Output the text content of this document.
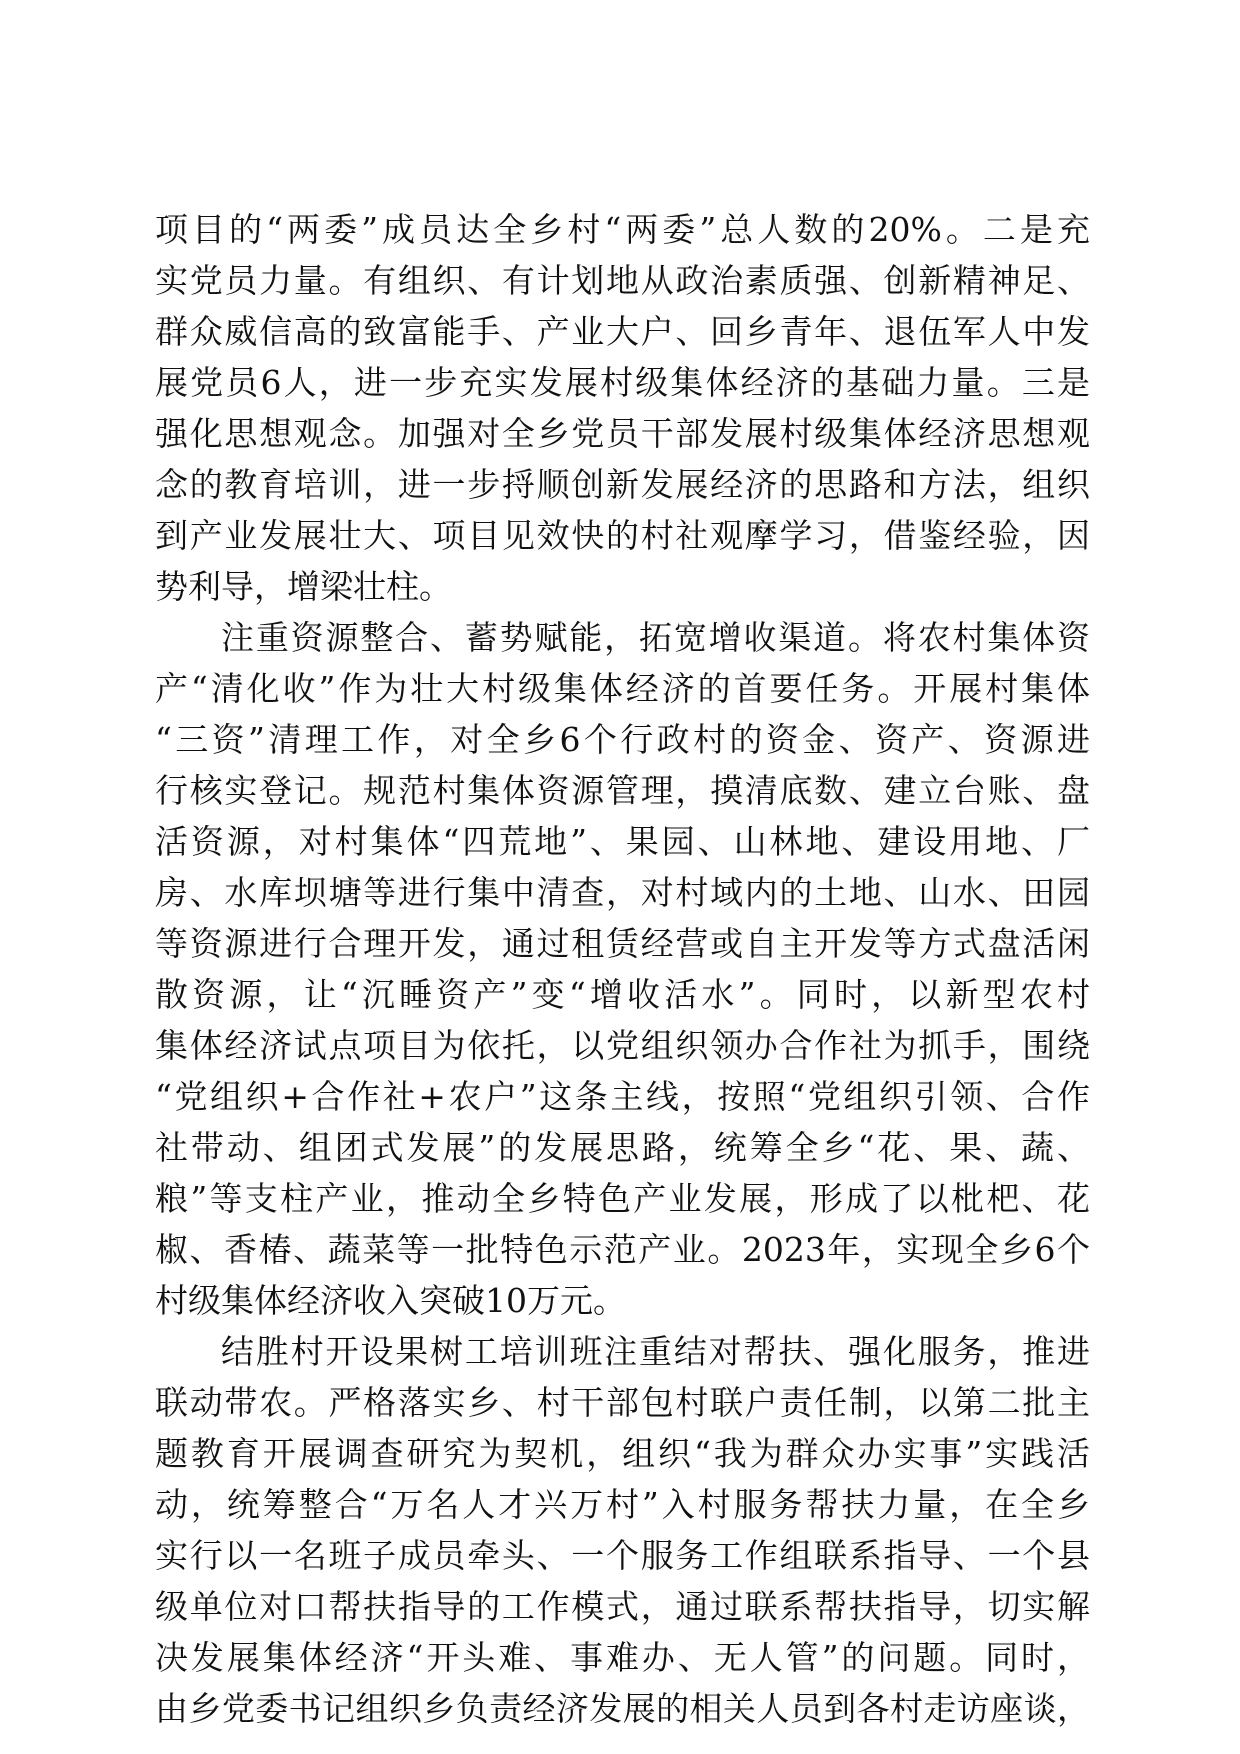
项目的“两委”成员达全乡村“两委”总人数的20%。二是充
实党员力量。有组织、有计划地从政治素质强、创新精神足、
群众威信高的致富能手、产业大户、回乡青年、退伍军人中发
展党员6人，进一步充实发展村级集体经济的基础力量。三是
强化思想观念。加强对全乡党员干部发展村级集体经济思想观
念的教育培训，进一步捋顺创新发展经济的思路和方法，组织
到产业发展壮大、项目见效快的村社观摩学习，借鉴经验，因
势利导，增梁壮柱。
注重资源整合、蓄势赋能，拓宽增收渠道。将农村集体资
产“清化收”作为壮大村级集体经济的首要任务。开展村集体
“三资”清理工作，对全乡6个行政村的资金、资产、资源进
行核实登记。规范村集体资源管理，摸清底数、建立台账、盘
活资源，对村集体“四荒地”、果园、山林地、建设用地、厂
房、水库坝塘等进行集中清查，对村域内的土地、山水、田园
等资源进行合理开发，通过租赁经营或自主开发等方式盘活闲
散资源，让“沉睡资产”变“增收活水”。同时，以新型农村
集体经济试点项目为依托，以党组织领办合作社为抓手，围绕
“党组织+合作社+农户”这条主线，按照“党组织引领、合作
社带动、组团式发展”的发展思路，统筹全乡“花、果、蔬、
粮”等支柱产业，推动全乡特色产业发展，形成了以枇杷、花
椒、香椿、蔬菜等一批特色示范产业。2023年，实现全乡6个
村级集体经济收入突破10万元。
结胜村开设果树工培训班注重结对帮扶、强化服务，推进
联动带农。严格落实乡、村干部包村联户责任制，以第二批主
题教育开展调查研究为契机，组织“我为群众办实事”实践活
动，统筹整合“万名人才兴万村”入村服务帮扶力量，在全乡
实行以一名班子成员牵头、一个服务工作组联系指导、一个县
级单位对口帮扶指导的工作模式，通过联系帮扶指导，切实解
决发展集体经济“开头难、事难办、无人管”的问题。同时，
由乡党委书记组织乡负责经济发展的相关人员到各村走访座谈，
